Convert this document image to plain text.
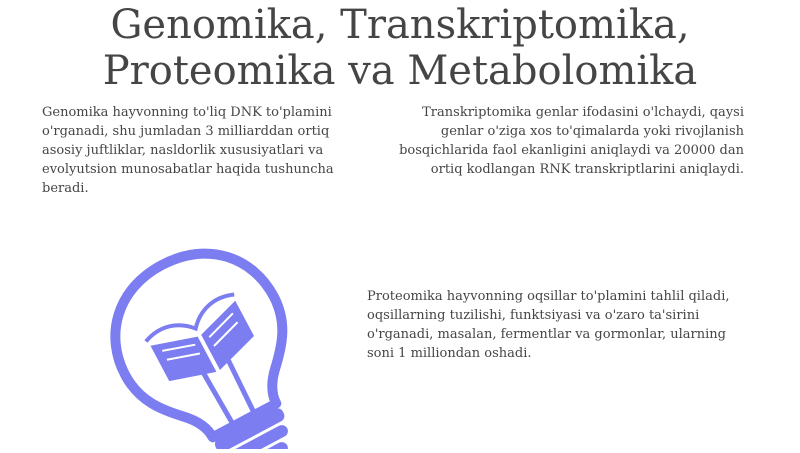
Genomika, Transkriptomika,
Proteomika va Metabolomika

Genomika hayvonning to'liq DNK to'plamini o'rganadi, shu jumladan 3 milliarddan ortiq asosiy juftliklar, nasldorlik xususiyatlari va evolyutsion munosabatlar haqida tushuncha beradi.

Transkriptomika genlar ifodasini o'lchaydi, qaysi genlar o'ziga xos to'qimalarda yoki rivojlanish bosqichlarida faol ekanligini aniqlaydi va 20000 dan ortiq kodlangan RNK transkriptlarini aniqlaydi.

Proteomika hayvonning oqsillar to'plamini tahlil qiladi, oqsillarning tuzilishi, funktsiyasi va o'zaro ta'sirini o'rganadi, masalan, fermentlar va gormonlar, ularning soni 1 milliondan oshadi.
